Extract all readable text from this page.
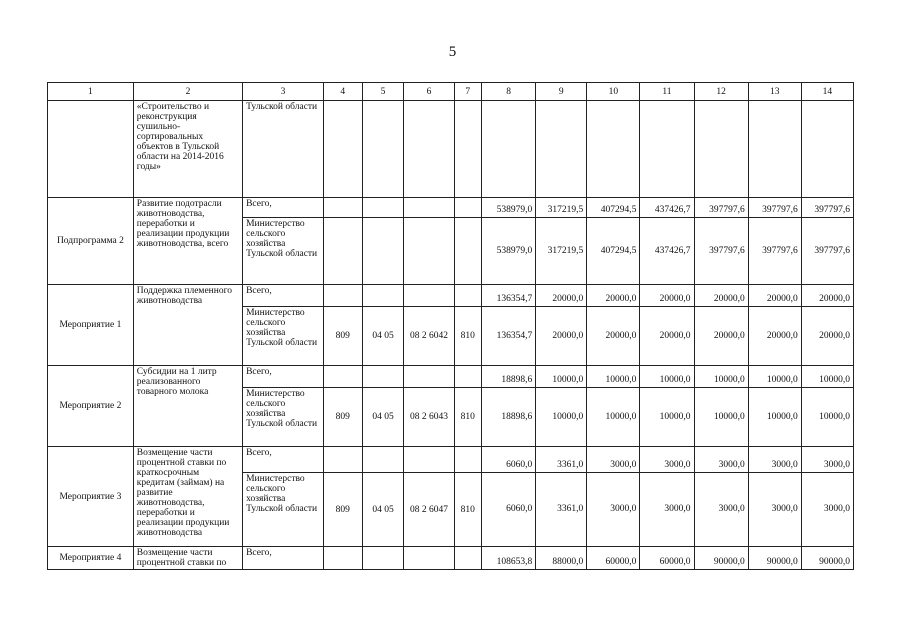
5
1	2	3	4	5	6	7	8	9	10	11	12	13	14
	«Строительство и реконструкция сушильно-сортировальных объектов в Тульской области на 2014-2016 годы»	Тульской области											
Подпрограмма 2	Развитие подотрасли животноводства, переработки и реализации продукции животноводства, всего	Всего,					538979,0	317219,5	407294,5	437426,7	397797,6	397797,6	397797,6
		Министерство сельского хозяйства Тульской области					538979,0	317219,5	407294,5	437426,7	397797,6	397797,6	397797,6
Мероприятие 1	Поддержка племенного животноводства	Всего,					136354,7	20000,0	20000,0	20000,0	20000,0	20000,0	20000,0
		Министерство сельского хозяйства Тульской области	809	04 05	08 2 6042	810	136354,7	20000,0	20000,0	20000,0	20000,0	20000,0	20000,0
Мероприятие 2	Субсидии на 1 литр реализованного товарного молока	Всего,					18898,6	10000,0	10000,0	10000,0	10000,0	10000,0	10000,0
		Министерство сельского хозяйства Тульской области	809	04 05	08 2 6043	810	18898,6	10000,0	10000,0	10000,0	10000,0	10000,0	10000,0
Мероприятие 3	Возмещение части процентной ставки по краткосрочным кредитам (займам) на развитие животноводства, переработки и реализации продукции животноводства	Всего,					6060,0	3361,0	3000,0	3000,0	3000,0	3000,0	3000,0
		Министерство сельского хозяйства Тульской области	809	04 05	08 2 6047	810	6060,0	3361,0	3000,0	3000,0	3000,0	3000,0	3000,0
Мероприятие 4	Возмещение части процентной ставки по	Всего,					108653,8	88000,0	60000,0	60000,0	90000,0	90000,0	90000,0
